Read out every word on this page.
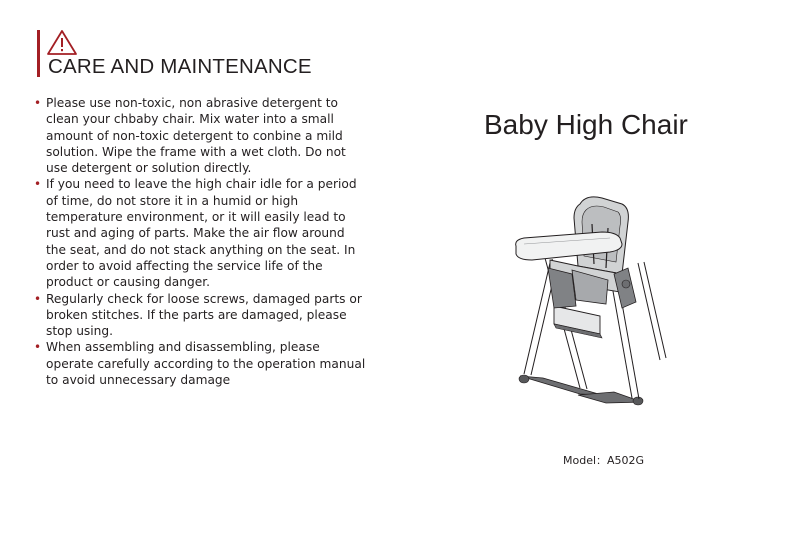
CARE AND MAINTENANCE
• Please use non-toxic, non abrasive detergent to
clean your chbaby chair. Mix water into a small
amount of non-toxic detergent to conbine a mild
solution. Wipe the frame with a wet cloth. Do not
use detergent or solution directly.
• If you need to leave the high chair idle for a period
of time, do not store it in a humid or high
temperature environment, or it will easily lead to
rust and aging of parts. Make the air flow around
the seat, and do not stack anything on the seat. In
order to avoid affecting the service life of the
product or causing danger.
• Regularly check for loose screws, damaged parts or
broken stitches. If the parts are damaged, please
stop using.
• When assembling and disassembling, please
operate carefully according to the operation manual
to avoid unnecessary damage
Baby High Chair
Model：A502G
